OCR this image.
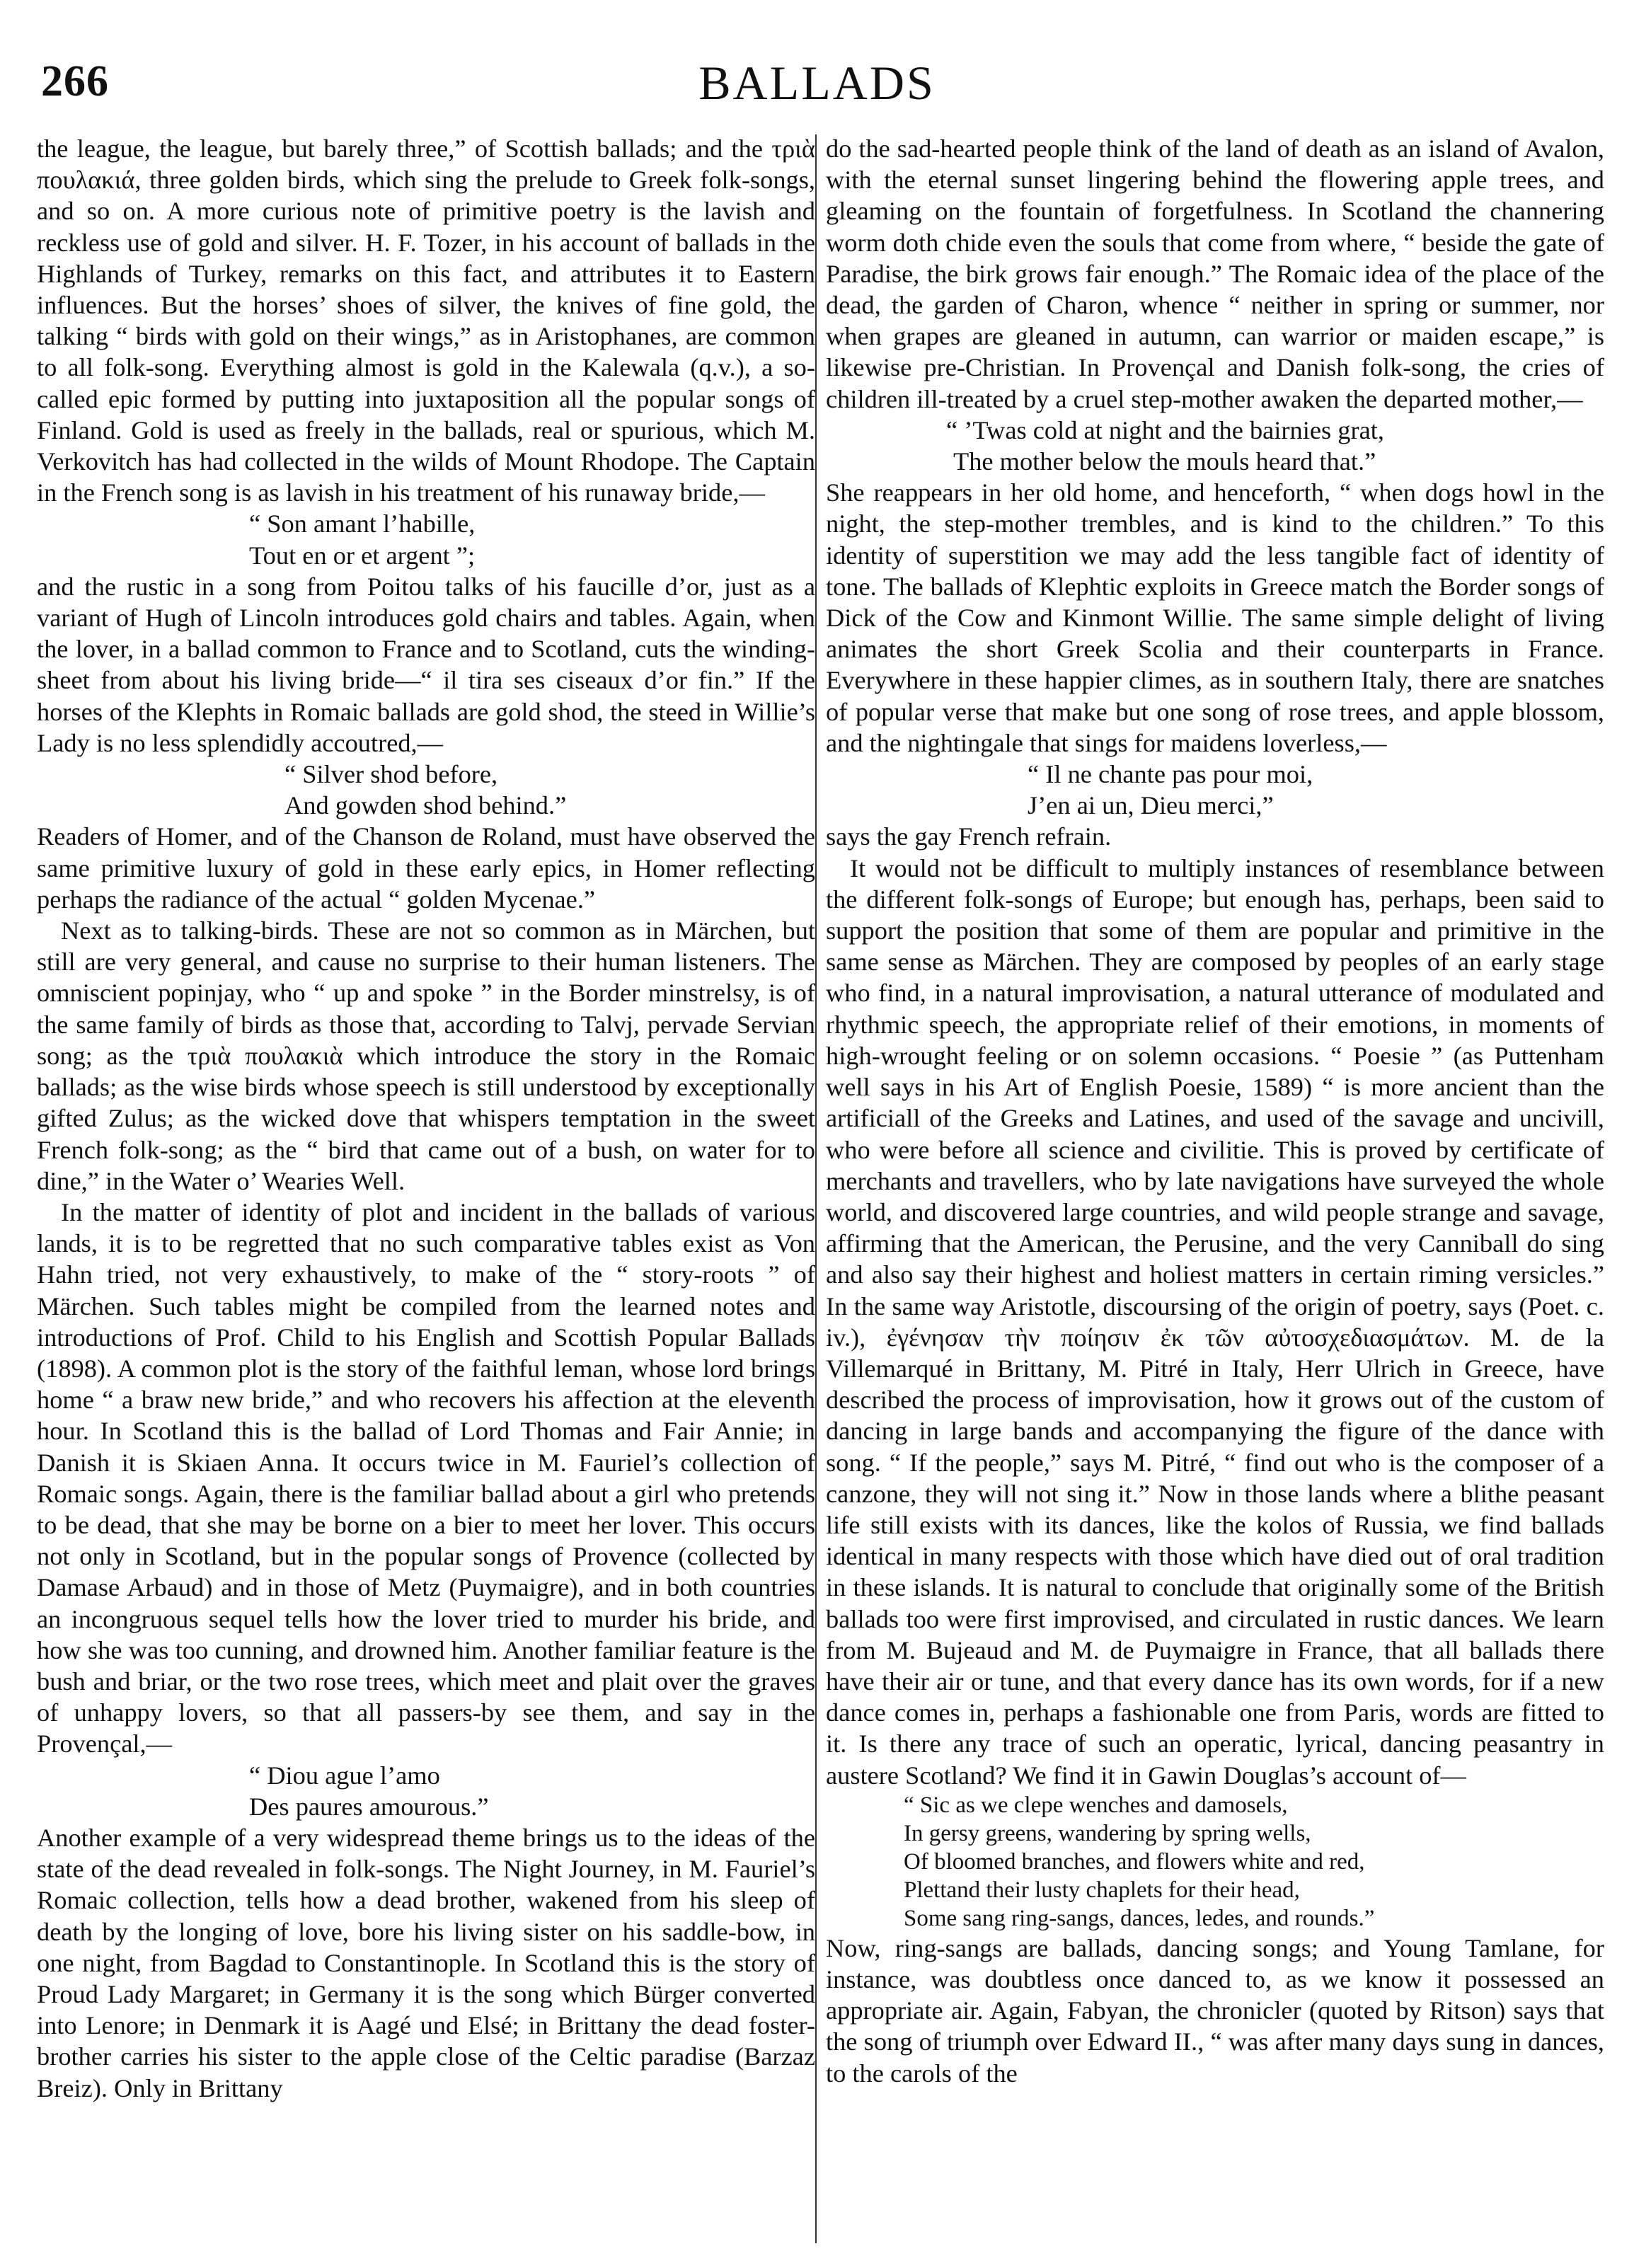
266	BALLADS

the league, the league, but barely three,” of Scottish ballads; and the τριὰ πουλακιά, three golden birds, which sing the prelude to Greek folk-songs, and so on. A more curious note of primitive poetry is the lavish and reckless use of gold and silver. H. F. Tozer, in his account of ballads in the Highlands of Turkey, remarks on this fact, and attributes it to Eastern influences. But the horses’ shoes of silver, the knives of fine gold, the talking “ birds with gold on their wings,” as in Aristophanes, are common to all folk-song. Everything almost is gold in the Kalewala (q.v.), a so-called epic formed by putting into juxtaposition all the popular songs of Finland. Gold is used as freely in the ballads, real or spurious, which M. Verkovitch has had collected in the wilds of Mount Rhodope. The Captain in the French song is as lavish in his treatment of his runaway bride,—

“ Son amant l’habille,
Tout en or et argent ”;

and the rustic in a song from Poitou talks of his faucille d’or, just as a variant of Hugh of Lincoln introduces gold chairs and tables. Again, when the lover, in a ballad common to France and to Scotland, cuts the winding-sheet from about his living bride—“ il tira ses ciseaux d’or fin.” If the horses of the Klephts in Romaic ballads are gold shod, the steed in Willie’s Lady is no less splendidly accoutred,—

“ Silver shod before,
And gowden shod behind.”

Readers of Homer, and of the Chanson de Roland, must have observed the same primitive luxury of gold in these early epics, in Homer reflecting perhaps the radiance of the actual “ golden Mycenae.”

Next as to talking-birds. These are not so common as in Märchen, but still are very general, and cause no surprise to their human listeners. The omniscient popinjay, who “ up and spoke ” in the Border minstrelsy, is of the same family of birds as those that, according to Talvj, pervade Servian song; as the τριὰ πουλακιὰ which introduce the story in the Romaic ballads; as the wise birds whose speech is still understood by exceptionally gifted Zulus; as the wicked dove that whispers temptation in the sweet French folk-song; as the “ bird that came out of a bush, on water for to dine,” in the Water o’ Wearies Well.

In the matter of identity of plot and incident in the ballads of various lands, it is to be regretted that no such comparative tables exist as Von Hahn tried, not very exhaustively, to make of the “ story-roots ” of Märchen. Such tables might be compiled from the learned notes and introductions of Prof. Child to his English and Scottish Popular Ballads (1898). A common plot is the story of the faithful leman, whose lord brings home “ a braw new bride,” and who recovers his affection at the eleventh hour. In Scotland this is the ballad of Lord Thomas and Fair Annie; in Danish it is Skiaen Anna. It occurs twice in M. Fauriel’s collection of Romaic songs. Again, there is the familiar ballad about a girl who pretends to be dead, that she may be borne on a bier to meet her lover. This occurs not only in Scotland, but in the popular songs of Provence (collected by Damase Arbaud) and in those of Metz (Puymaigre), and in both countries an incongruous sequel tells how the lover tried to murder his bride, and how she was too cunning, and drowned him. Another familiar feature is the bush and briar, or the two rose trees, which meet and plait over the graves of unhappy lovers, so that all passers-by see them, and say in the Provençal,—

“ Diou ague l’amo
Des paures amourous.”

Another example of a very widespread theme brings us to the ideas of the state of the dead revealed in folk-songs. The Night Journey, in M. Fauriel’s Romaic collection, tells how a dead brother, wakened from his sleep of death by the longing of love, bore his living sister on his saddle-bow, in one night, from Bagdad to Constantinople. In Scotland this is the story of Proud Lady Margaret; in Germany it is the song which Bürger converted into Lenore; in Denmark it is Aagé und Elsé; in Brittany the dead foster-brother carries his sister to the apple close of the Celtic paradise (Barzaz Breiz). Only in Brittany

do the sad-hearted people think of the land of death as an island of Avalon, with the eternal sunset lingering behind the flowering apple trees, and gleaming on the fountain of forgetfulness. In Scotland the channering worm doth chide even the souls that come from where, “ beside the gate of Paradise, the birk grows fair enough.” The Romaic idea of the place of the dead, the garden of Charon, whence “ neither in spring or summer, nor when grapes are gleaned in autumn, can warrior or maiden escape,” is likewise pre-Christian. In Provençal and Danish folk-song, the cries of children ill-treated by a cruel step-mother awaken the departed mother,—

“ ’Twas cold at night and the bairnies grat,
The mother below the mouls heard that.”

She reappears in her old home, and henceforth, “ when dogs howl in the night, the step-mother trembles, and is kind to the children.” To this identity of superstition we may add the less tangible fact of identity of tone. The ballads of Klephtic exploits in Greece match the Border songs of Dick of the Cow and Kinmont Willie. The same simple delight of living animates the short Greek Scolia and their counterparts in France. Everywhere in these happier climes, as in southern Italy, there are snatches of popular verse that make but one song of rose trees, and apple blossom, and the nightingale that sings for maidens loverless,—

“ Il ne chante pas pour moi,
J’en ai un, Dieu merci,”

says the gay French refrain.

It would not be difficult to multiply instances of resemblance between the different folk-songs of Europe; but enough has, perhaps, been said to support the position that some of them are popular and primitive in the same sense as Märchen. They are composed by peoples of an early stage who find, in a natural improvisation, a natural utterance of modulated and rhythmic speech, the appropriate relief of their emotions, in moments of high-wrought feeling or on solemn occasions. “ Poesie ” (as Puttenham well says in his Art of English Poesie, 1589) “ is more ancient than the artificiall of the Greeks and Latines, and used of the savage and uncivill, who were before all science and civilitie. This is proved by certificate of merchants and travellers, who by late navigations have surveyed the whole world, and discovered large countries, and wild people strange and savage, affirming that the American, the Perusine, and the very Canniball do sing and also say their highest and holiest matters in certain riming versicles.” In the same way Aristotle, discoursing of the origin of poetry, says (Poet. c. iv.), ἐγένησαν τὴν ποίησιν ἐκ τῶν αὐτοσχεδιασμάτων. M. de la Villemarqué in Brittany, M. Pitré in Italy, Herr Ulrich in Greece, have described the process of improvisation, how it grows out of the custom of dancing in large bands and accompanying the figure of the dance with song. “ If the people,” says M. Pitré, “ find out who is the composer of a canzone, they will not sing it.” Now in those lands where a blithe peasant life still exists with its dances, like the kolos of Russia, we find ballads identical in many respects with those which have died out of oral tradition in these islands. It is natural to conclude that originally some of the British ballads too were first improvised, and circulated in rustic dances. We learn from M. Bujeaud and M. de Puymaigre in France, that all ballads there have their air or tune, and that every dance has its own words, for if a new dance comes in, perhaps a fashionable one from Paris, words are fitted to it. Is there any trace of such an operatic, lyrical, dancing peasantry in austere Scotland? We find it in Gawin Douglas’s account of—

“ Sic as we clepe wenches and damosels,
In gersy greens, wandering by spring wells,
Of bloomed branches, and flowers white and red,
Plettand their lusty chaplets for their head,
Some sang ring-sangs, dances, ledes, and rounds.”

Now, ring-sangs are ballads, dancing songs; and Young Tamlane, for instance, was doubtless once danced to, as we know it possessed an appropriate air. Again, Fabyan, the chronicler (quoted by Ritson) says that the song of triumph over Edward II., “ was after many days sung in dances, to the carols of the
